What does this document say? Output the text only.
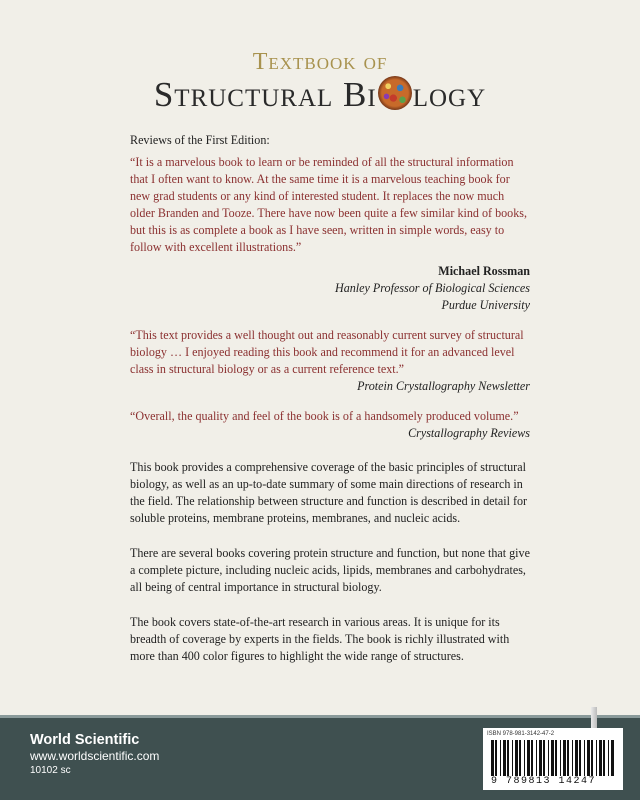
Textbook of
Structural Bi logy
Reviews of the First Edition:
“It is a marvelous book to learn or be reminded of all the structural information that I often want to know. At the same time it is a marvelous teaching book for new grad students or any kind of interested student. It replaces the now much older Branden and Tooze. There have now been quite a few similar kind of books, but this is as complete a book as I have seen, written in simple words, easy to follow with excellent illustrations.”
Michael Rossman
Hanley Professor of Biological Sciences
Purdue University
“This text provides a well thought out and reasonably current survey of structural biology … I enjoyed reading this book and recommend it for an advanced level class in structural biology or as a current reference text.”
Protein Crystallography Newsletter
“Overall, the quality and feel of the book is of a handsomely produced volume.”
Crystallography Reviews

This book provides a comprehensive coverage of the basic principles of structural biology, as well as an up-to-date summary of some main directions of research in the field. The relationship between structure and function is described in detail for soluble proteins, membrane proteins, membranes, and nucleic acids.

There are several books covering protein structure and function, but none that give a complete picture, including nucleic acids, lipids, membranes and carbohydrates, all being of central importance in structural biology.

The book covers state-of-the-art research in various areas. It is unique for its breadth of coverage by experts in the fields. The book is richly illustrated with more than 400 color figures to highlight the wide range of structures.

World Scientific
www.worldscientific.com
10102 sc
ISBN 978-981-3142-47-2
9 789813 14247
